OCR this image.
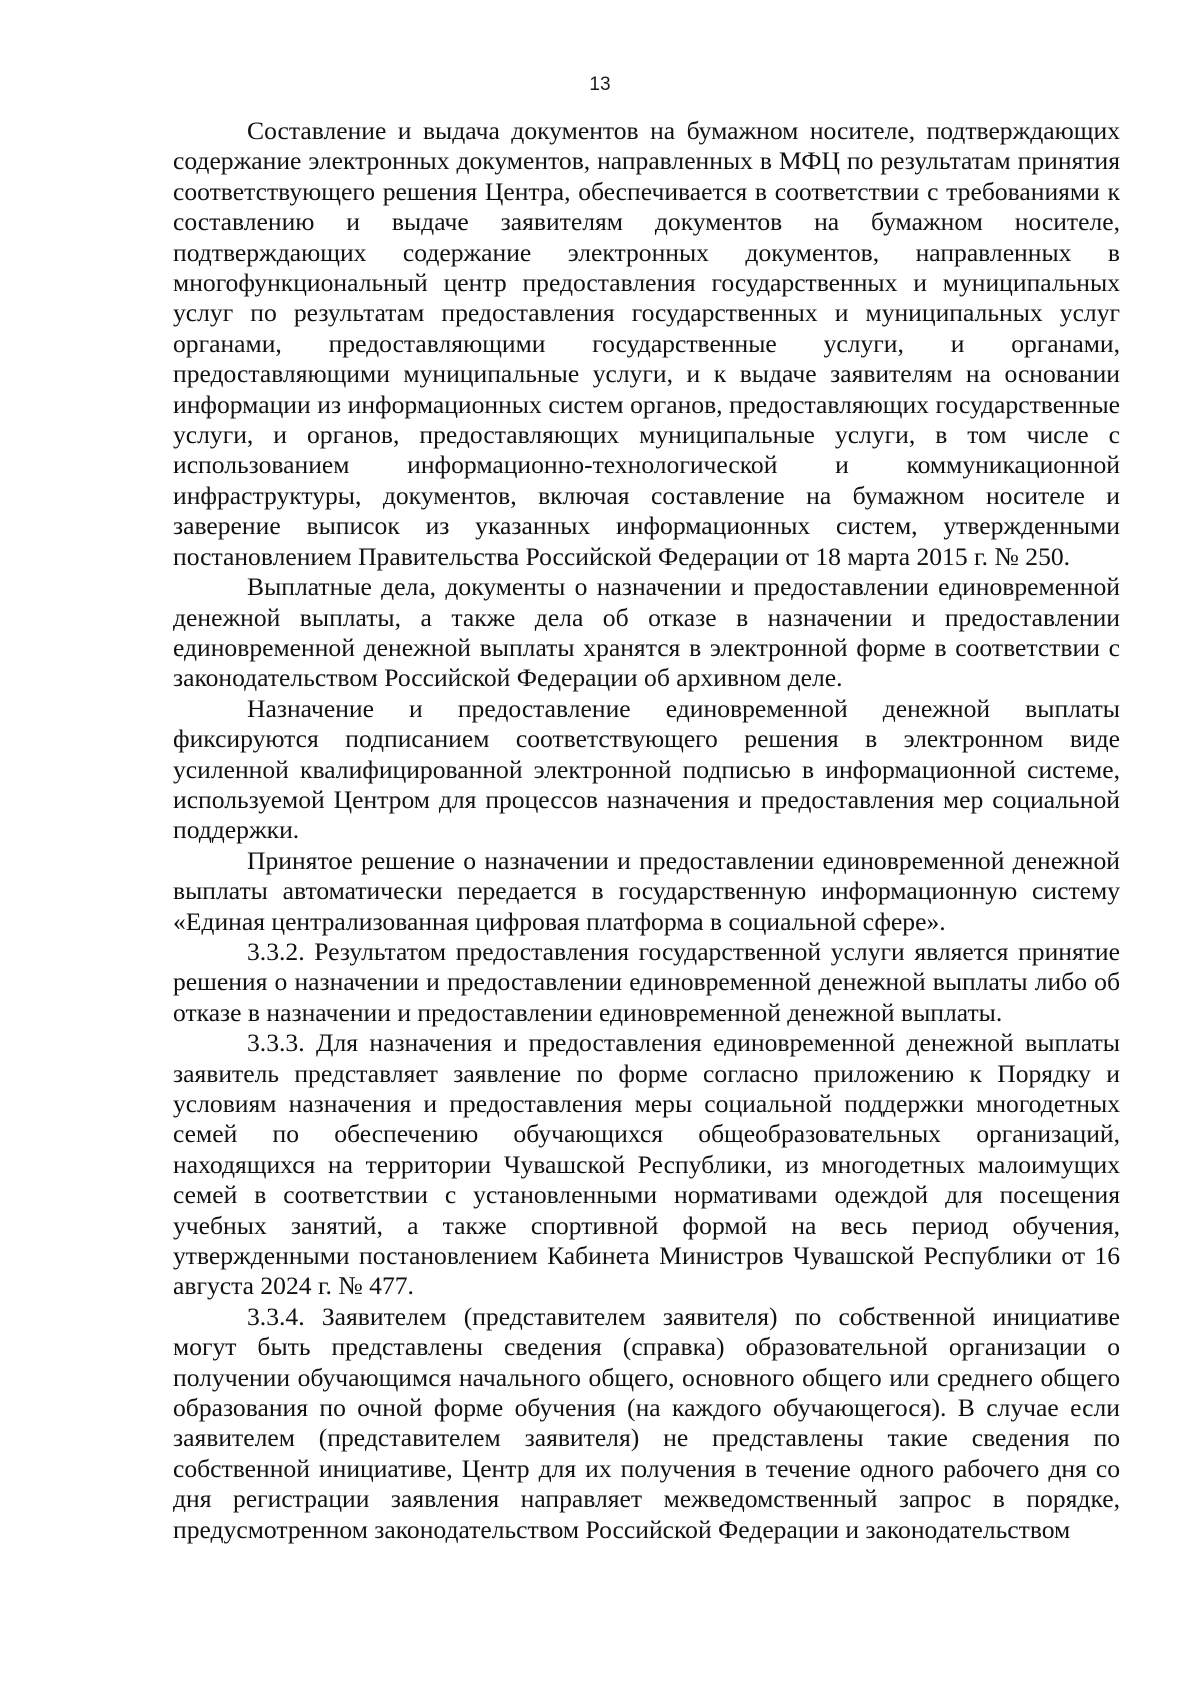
13

Составление и выдача документов на бумажном носителе, подтверждающих содержание электронных документов, направленных в МФЦ по результатам принятия соответствующего решения Центра, обеспечивается в соответствии с требованиями к составлению и выдаче заявителям документов на бумажном носителе, подтверждающих содержание электронных документов, направленных в многофункциональный центр предоставления государственных и муниципальных услуг по результатам предоставления государственных и муниципальных услуг органами, предоставляющими государственные услуги, и органами, предоставляющими муниципальные услуги, и к выдаче заявителям на основании информации из информационных систем органов, предоставляющих государственные услуги, и органов, предоставляющих муниципальные услуги, в том числе с использованием информационно-технологической и коммуникационной инфраструктуры, документов, включая составление на бумажном носителе и заверение выписок из указанных информационных систем, утвержденными постановлением Правительства Российской Федерации от 18 марта 2015 г. № 250.

Выплатные дела, документы о назначении и предоставлении единовременной денежной выплаты, а также дела об отказе в назначении и предоставлении единовременной денежной выплаты хранятся в электронной форме в соответствии с законодательством Российской Федерации об архивном деле.

Назначение и предоставление единовременной денежной выплаты фиксируются подписанием соответствующего решения в электронном виде усиленной квалифицированной электронной подписью в информационной системе, используемой Центром для процессов назначения и предоставления мер социальной поддержки.

Принятое решение о назначении и предоставлении единовременной денежной выплаты автоматически передается в государственную информационную систему «Единая централизованная цифровая платформа в социальной сфере».

3.3.2. Результатом предоставления государственной услуги является принятие решения о назначении и предоставлении единовременной денежной выплаты либо об отказе в назначении и предоставлении единовременной денежной выплаты.

3.3.3. Для назначения и предоставления единовременной денежной выплаты заявитель представляет заявление по форме согласно приложению к Порядку и условиям назначения и предоставления меры социальной поддержки многодетных семей по обеспечению обучающихся общеобразовательных организаций, находящихся на территории Чувашской Республики, из многодетных малоимущих семей в соответствии с установленными нормативами одеждой для посещения учебных занятий, а также спортивной формой на весь период обучения, утвержденными постановлением Кабинета Министров Чувашской Республики от 16 августа 2024 г. № 477.

3.3.4. Заявителем (представителем заявителя) по собственной инициативе могут быть представлены сведения (справка) образовательной организации о получении обучающимся начального общего, основного общего или среднего общего образования по очной форме обучения (на каждого обучающегося). В случае если заявителем (представителем заявителя) не представлены такие сведения по собственной инициативе, Центр для их получения в течение одного рабочего дня со дня регистрации заявления направляет межведомственный запрос в порядке, предусмотренном законодательством Российской Федерации и законодательством
